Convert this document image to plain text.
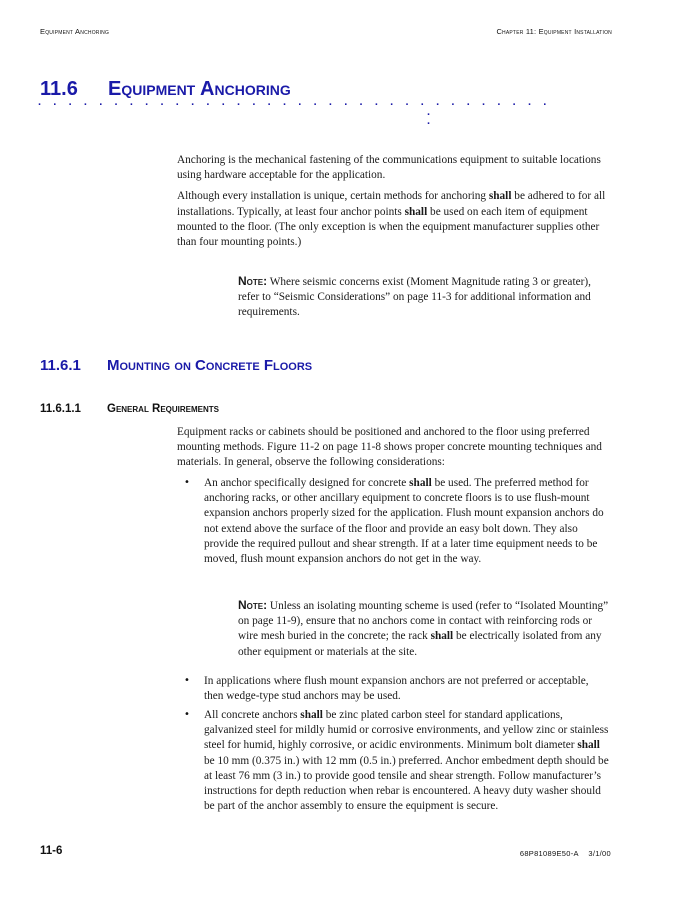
Equipment Anchoring	Chapter 11: Equipment Installation
11.6 Equipment Anchoring
. . . . . . . . . . . . . . . . . . . . . . . . . . . . . . . . . .
.
.

Anchoring is the mechanical fastening of the communications equipment to suitable locations using hardware acceptable for the application.

Although every installation is unique, certain methods for anchoring shall be adhered to for all installations. Typically, at least four anchor points shall be used on each item of equipment mounted to the floor. (The only exception is when the equipment manufacturer supplies other than four mounting points.)

Note: Where seismic concerns exist (Moment Magnitude rating 3 or greater), refer to “Seismic Considerations” on page 11-3 for additional information and requirements.

11.6.1 Mounting on Concrete Floors
11.6.1.1 General Requirements

Equipment racks or cabinets should be positioned and anchored to the floor using preferred mounting methods. Figure 11-2 on page 11-8 shows proper concrete mounting techniques and materials. In general, observe the following considerations:

• An anchor specifically designed for concrete shall be used. The preferred method for anchoring racks, or other ancillary equipment to concrete floors is to use flush-mount expansion anchors properly sized for the application. Flush mount expansion anchors do not extend above the surface of the floor and provide an easy bolt down. They also provide the required pullout and shear strength. If at a later time equipment needs to be moved, flush mount expansion anchors do not get in the way.

Note: Unless an isolating mounting scheme is used (refer to “Isolated Mounting” on page 11-9), ensure that no anchors come in contact with reinforcing rods or wire mesh buried in the concrete; the rack shall be electrically isolated from any other equipment or materials at the site.

• In applications where flush mount expansion anchors are not preferred or acceptable, then wedge-type stud anchors may be used.

• All concrete anchors shall be zinc plated carbon steel for standard applications, galvanized steel for mildly humid or corrosive environments, and yellow zinc or stainless steel for humid, highly corrosive, or acidic environments. Minimum bolt diameter shall be 10 mm (0.375 in.) with 12 mm (0.5 in.) preferred. Anchor embedment depth should be at least 76 mm (3 in.) to provide good tensile and shear strength. Follow manufacturer’s instructions for depth reduction when rebar is encountered. A heavy duty washer should be part of the anchor assembly to ensure the equipment is secure.

11-6	68P81089E50-A 3/1/00
